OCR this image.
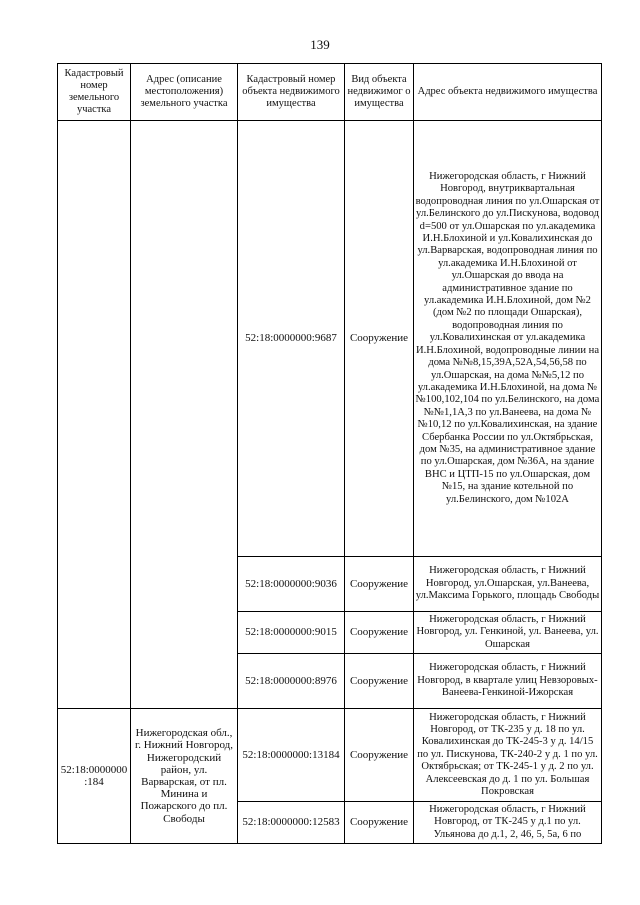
139
Кадастровый номер земельного участка	Адрес (описание местоположения) земельного участка	Кадастровый номер объекта недвижимого имущества	Вид объекта недвижимог о имущества	Адрес объекта недвижимого имущества
		52:18:0000000:9687	Сооружение	Нижегородская область, г Нижний Новгород, внутриквартальная водопроводная линия по ул.Ошарская от ул.Белинского до ул.Пискунова, водовод d=500 от ул.Ошарская по ул.академика И.Н.Блохиной и ул.Ковалихинская до ул.Варварская, водопроводная линия по ул.академика И.Н.Блохиной от ул.Ошарская до ввода на административное здание по ул.академика И.Н.Блохиной, дом №2 (дом №2 по площади Ошарская), водопроводная линия по ул.Ковалихинская от ул.академика И.Н.Блохиной, водопроводные линии на дома №№8,15,39А,52А,54,56,58 по ул.Ошарская, на дома №№5,12 по ул.академика И.Н.Блохиной, на дома №№100,102,104 по ул.Белинского, на дома №№1,1А,3 по ул.Ванеева, на дома №№10,12 по ул.Ковалихинская, на здание Сбербанка России по ул.Октябрьская, дом №35, на административное здание по ул.Ошарская, дом №36А, на здание ВНС и ЦТП-15 по ул.Ошарская, дом №15, на здание котельной по ул.Белинского, дом №102А
		52:18:0000000:9036	Сооружение	Нижегородская область, г Нижний Новгород, ул.Ошарская, ул.Ванеева, ул.Максима Горького, площадь Свободы
		52:18:0000000:9015	Сооружение	Нижегородская область, г Нижний Новгород, ул. Генкиной, ул. Ванеева, ул. Ошарская
		52:18:0000000:8976	Сооружение	Нижегородская область, г Нижний Новгород, в квартале улиц Невзоровых-Ванеева-Генкиной-Ижорская
52:18:0000000 :184	Нижегородская обл., г. Нижний Новгород, Нижегородский район, ул. Варварская, от пл. Минина и Пожарского до пл. Свободы	52:18:0000000:13184	Сооружение	Нижегородская область, г Нижний Новгород, от ТК-235 у д. 18 по ул. Ковалихинская до ТК-245-3 у д. 14/15 по ул. Пискунова, ТК-240-2 у д. 1 по ул. Октябрьская; от ТК-245-1 у д. 2 по ул. Алексеевская до д. 1 по ул. Большая Покровская
		52:18:0000000:12583	Сооружение	Нижегородская область, г Нижний Новгород, от ТК-245 у д.1 по ул. Ульянова до д.1, 2, 46, 5, 5а, 6 по
